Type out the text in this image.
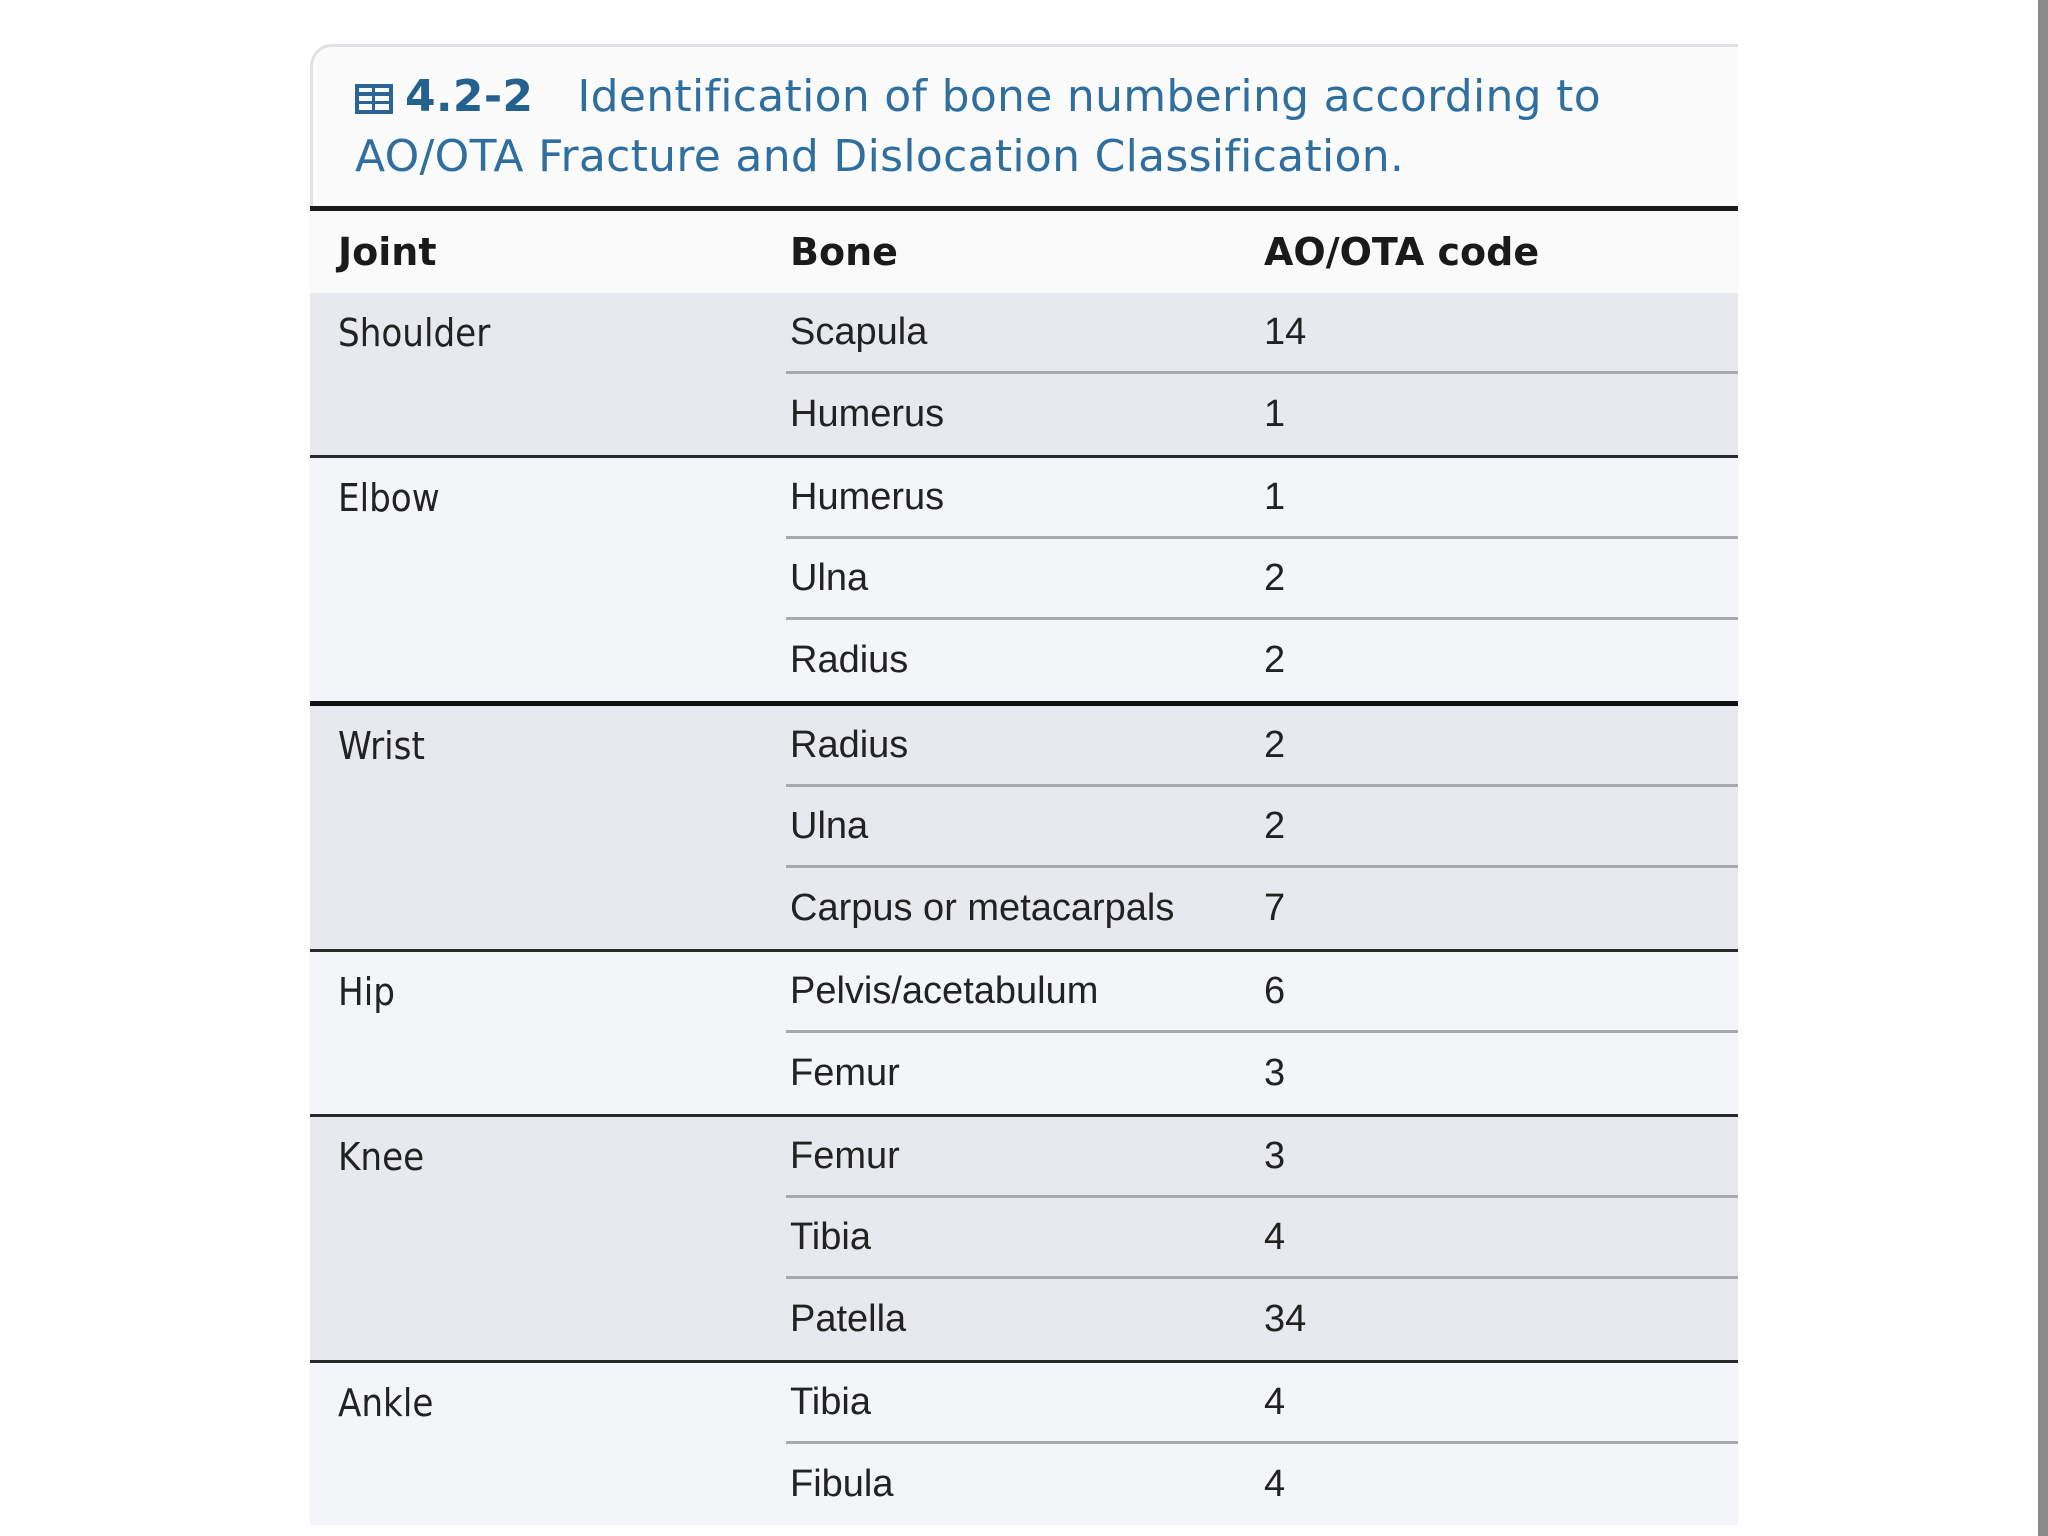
4.2-2 Identification of bone numbering according to AO/OTA Fracture and Dislocation Classification.
Joint	Bone	AO/OTA code
Shoulder	Scapula	14
Humerus	1
Elbow	Humerus	1
Ulna	2
Radius	2
Wrist	Radius	2
Ulna	2
Carpus or metacarpals	7
Hip	Pelvis/acetabulum	6
Femur	3
Knee	Femur	3
Tibia	4
Patella	34
Ankle	Tibia	4
Fibula	4
